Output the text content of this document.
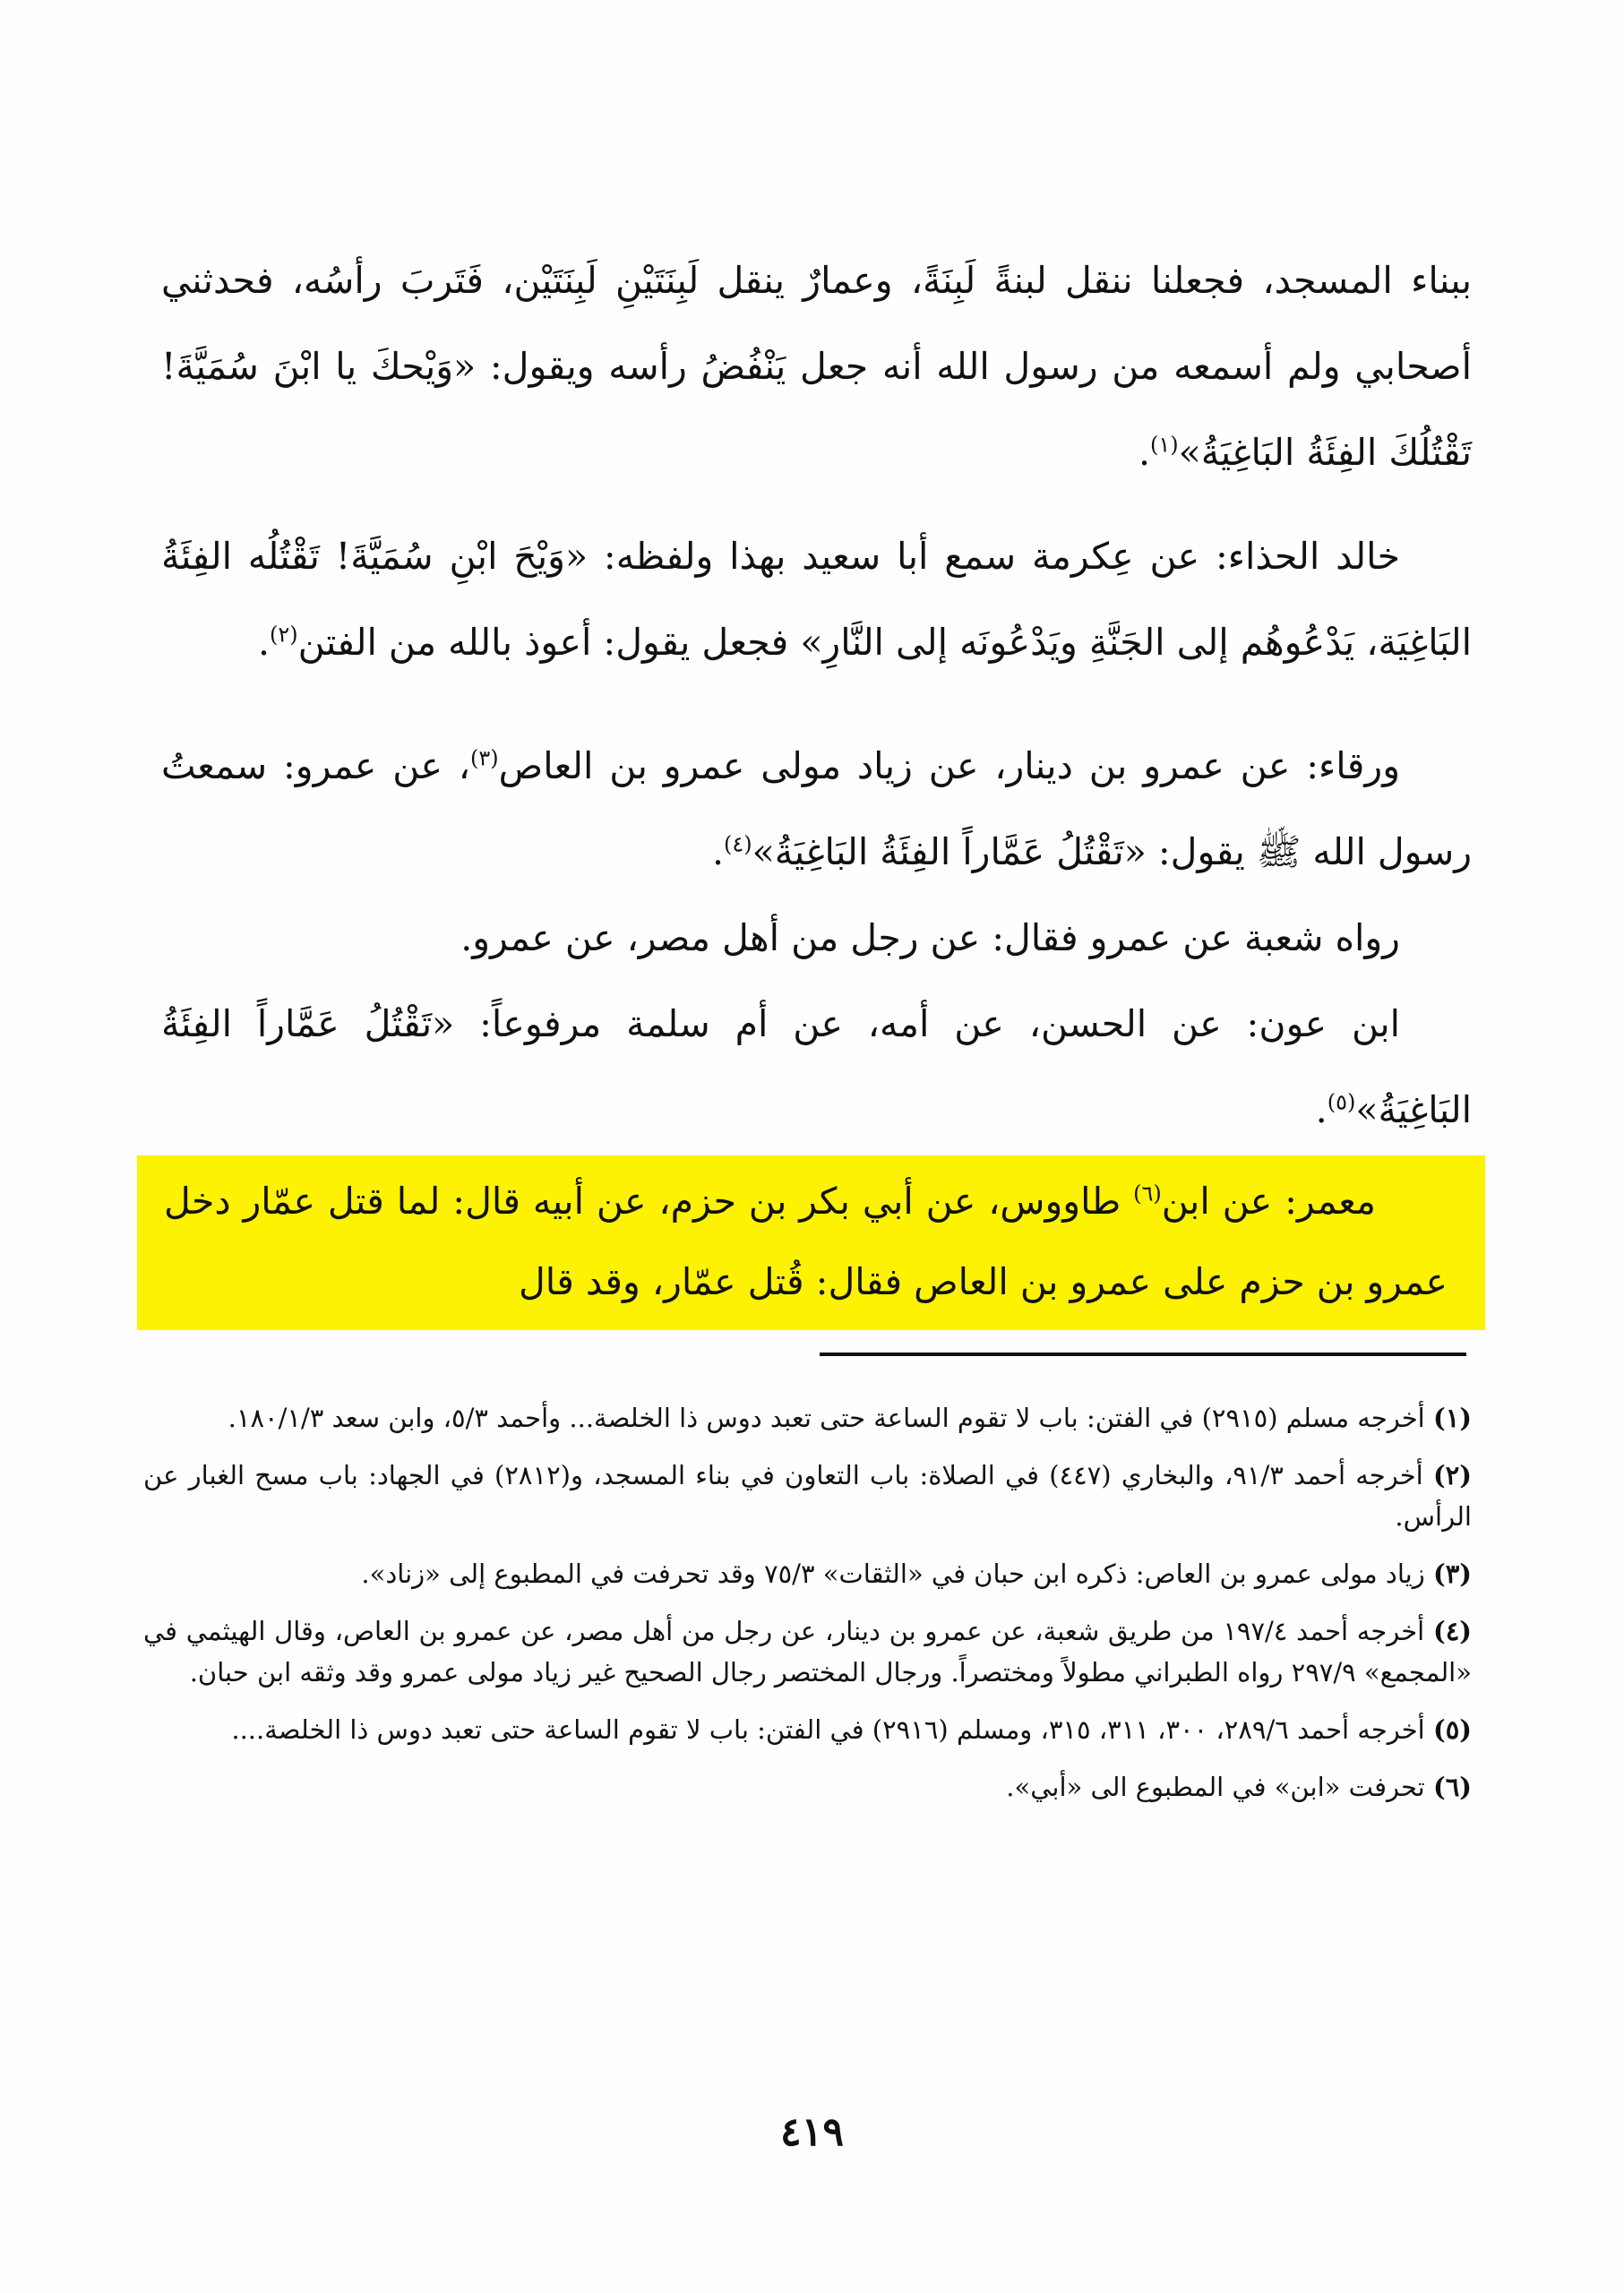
ببناء المسجد، فجعلنا ننقل لبنةً لَبِنَةً، وعمارٌ ينقل لَبِنَتَيْنِ لَبِنَتَيْن، فَتَربَ رأسُه، فحدثني أصحابي ولم أسمعه من رسول الله أنه جعل يَنْفُضُ رأسه ويقول: «وَيْحكَ يا ابْنَ سُمَيَّةَ! تَقْتُلُكَ الفِئَةُ البَاغِيَةُ»$^{(١)}$.

خالد الحذاء: عن عِكرمة سمع أبا سعيد بهذا ولفظه: «وَيْحَ ابْنِ سُمَيَّةَ! تَقْتُلُه الفِئَةُ البَاغِيَة، يَدْعُوهُم إلى الجَنَّةِ ويَدْعُونَه إلى النَّارِ» فجعل يقول: أعوذ بالله من الفتن$^{(٢)}$.

ورقاء: عن عمرو بن دينار، عن زياد مولى عمرو بن العاص$^{(٣)}$، عن عمرو: سمعتُ رسول الله ﷺ يقول: «تَقْتُلُ عَمَّاراً الفِئَةُ البَاغِيَةُ»$^{(٤)}$.

رواه شعبة عن عمرو فقال: عن رجل من أهل مصر، عن عمرو.

ابن عون: عن الحسن، عن أمه، عن أم سلمة مرفوعاً: «تَقْتُلُ عَمَّاراً الفِئَةُ البَاغِيَةُ»$^{(٥)}$.

معمر: عن ابن$^{(٦)}$ طاووس، عن أبي بكر بن حزم، عن أبيه قال: لما قتل عمّار دخل عمرو بن حزم على عمرو بن العاص فقال: قُتل عمّار، وقد قال

(١) أخرجه مسلم (٢٩١٥) في الفتن: باب لا تقوم الساعة حتى تعبد دوس ذا الخلصة... وأحمد ٥/٣، وابن سعد ١٨٠/١/٣.

(٢) أخرجه أحمد ٩١/٣، والبخاري (٤٤٧) في الصلاة: باب التعاون في بناء المسجد، و(٢٨١٢) في الجهاد: باب مسح الغبار عن الرأس.

(٣) زياد مولى عمرو بن العاص: ذكره ابن حبان في «الثقات» ٧٥/٣ وقد تحرفت في المطبوع إلى «زناد».

(٤) أخرجه أحمد ١٩٧/٤ من طريق شعبة، عن عمرو بن دينار، عن رجل من أهل مصر، عن عمرو بن العاص، وقال الهيثمي في «المجمع» ٢٩٧/٩ رواه الطبراني مطولاً ومختصراً. ورجال المختصر رجال الصحيح غير زياد مولى عمرو وقد وثقه ابن حبان.

(٥) أخرجه أحمد ٢٨٩/٦، ٣٠٠، ٣١١، ٣١٥، ومسلم (٢٩١٦) في الفتن: باب لا تقوم الساعة حتى تعبد دوس ذا الخلصة....

(٦) تحرفت «ابن» في المطبوع الى «أبي».

٤١٩
